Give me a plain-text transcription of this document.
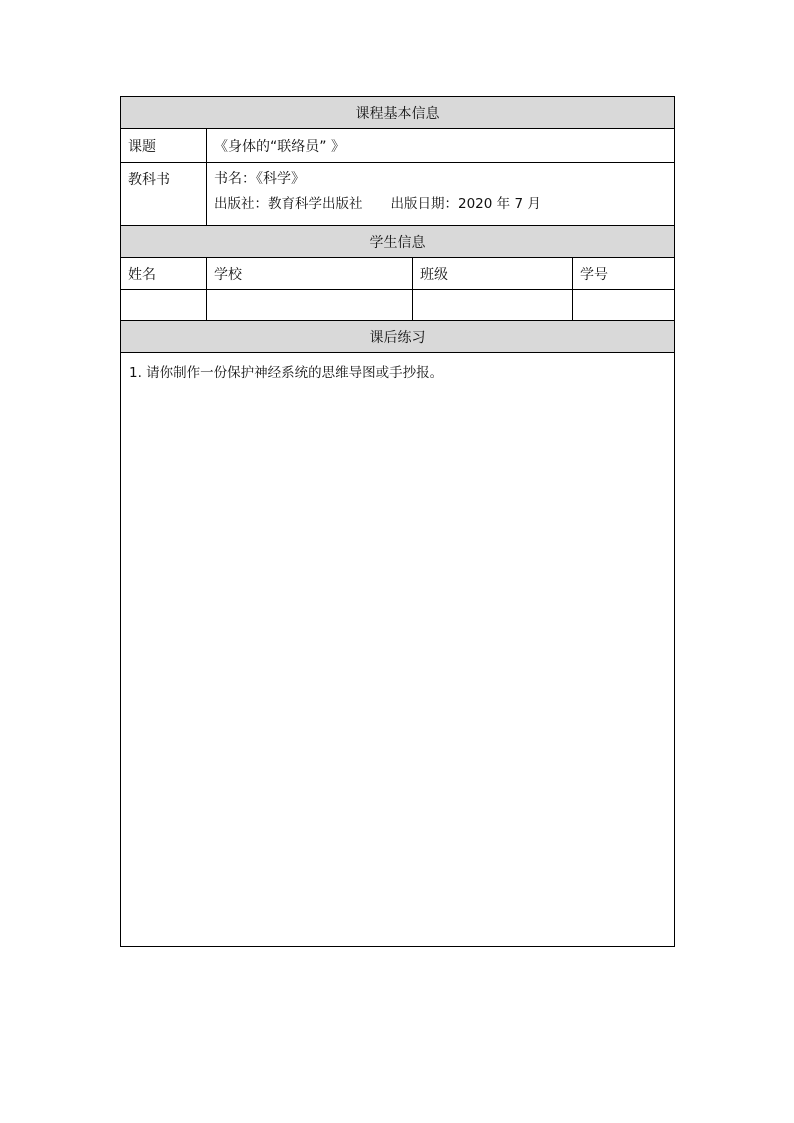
课程基本信息
课题	《身体的“联络员” 》
教科书	书名：《科学》
出版社：教育科学出版社 出版日期：2020 年 7 月
学生信息
姓名	学校	班级	学号
课后练习
1. 请你制作一份保护神经系统的思维导图或手抄报。
